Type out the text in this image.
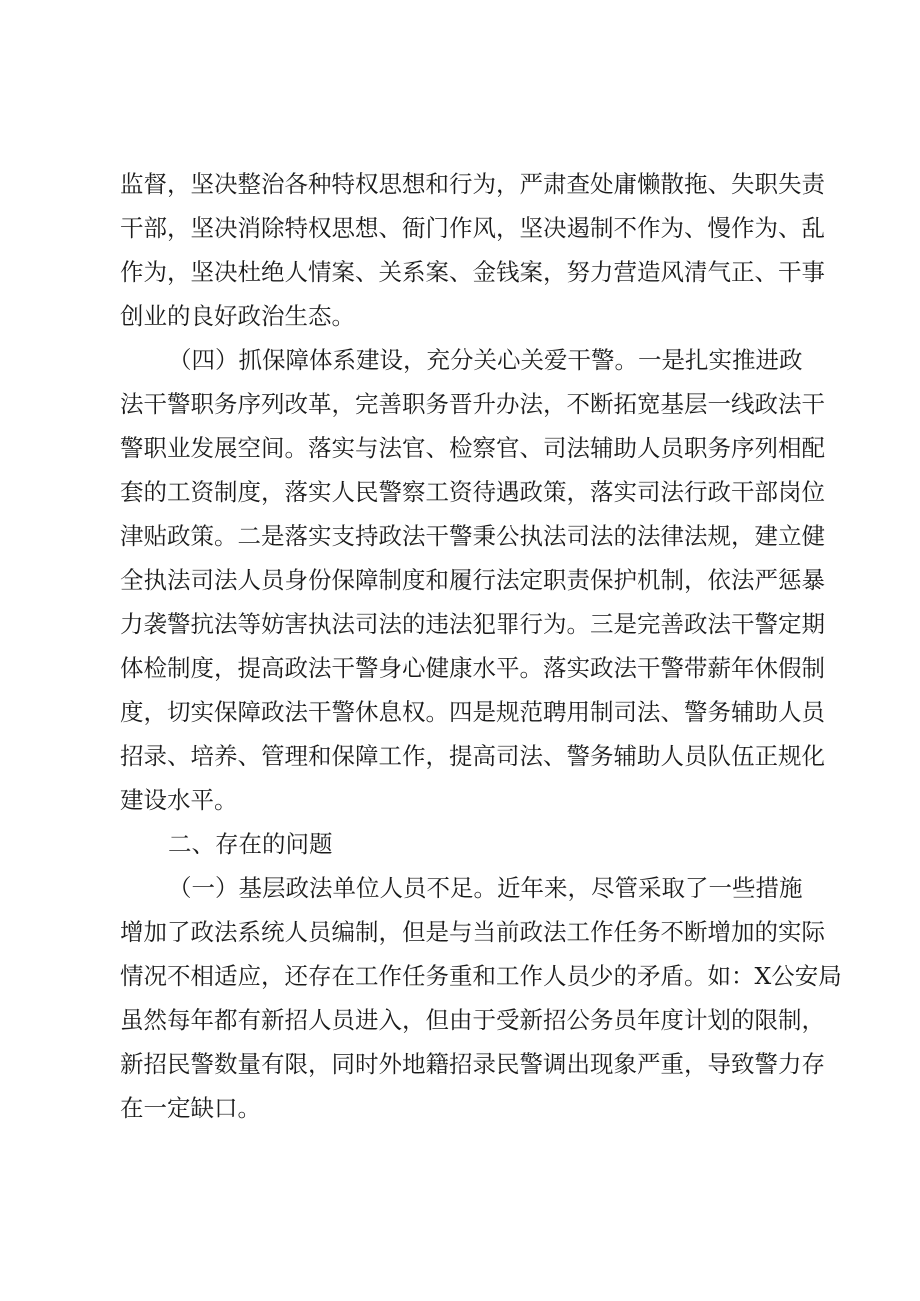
监督，坚决整治各种特权思想和行为，严肃查处庸懒散拖、失职失责

干部，坚决消除特权思想、衙门作风，坚决遏制不作为、慢作为、乱

作为，坚决杜绝人情案、关系案、金钱案，努力营造风清气正、干事

创业的良好政治生态。

（四）抓保障体系建设，充分关心关爱干警。一是扎实推进政

法干警职务序列改革，完善职务晋升办法，不断拓宽基层一线政法干

警职业发展空间。落实与法官、检察官、司法辅助人员职务序列相配

套的工资制度，落实人民警察工资待遇政策，落实司法行政干部岗位

津贴政策。二是落实支持政法干警秉公执法司法的法律法规，建立健

全执法司法人员身份保障制度和履行法定职责保护机制，依法严惩暴

力袭警抗法等妨害执法司法的违法犯罪行为。三是完善政法干警定期

体检制度，提高政法干警身心健康水平。落实政法干警带薪年休假制

度，切实保障政法干警休息权。四是规范聘用制司法、警务辅助人员

招录、培养、管理和保障工作，提高司法、警务辅助人员队伍正规化

建设水平。

二、存在的问题

（一）基层政法单位人员不足。近年来，尽管采取了一些措施

增加了政法系统人员编制，但是与当前政法工作任务不断增加的实际

情况不相适应，还存在工作任务重和工作人员少的矛盾。如：X公安局

虽然每年都有新招人员进入，但由于受新招公务员年度计划的限制，

新招民警数量有限，同时外地籍招录民警调出现象严重，导致警力存

在一定缺口。
